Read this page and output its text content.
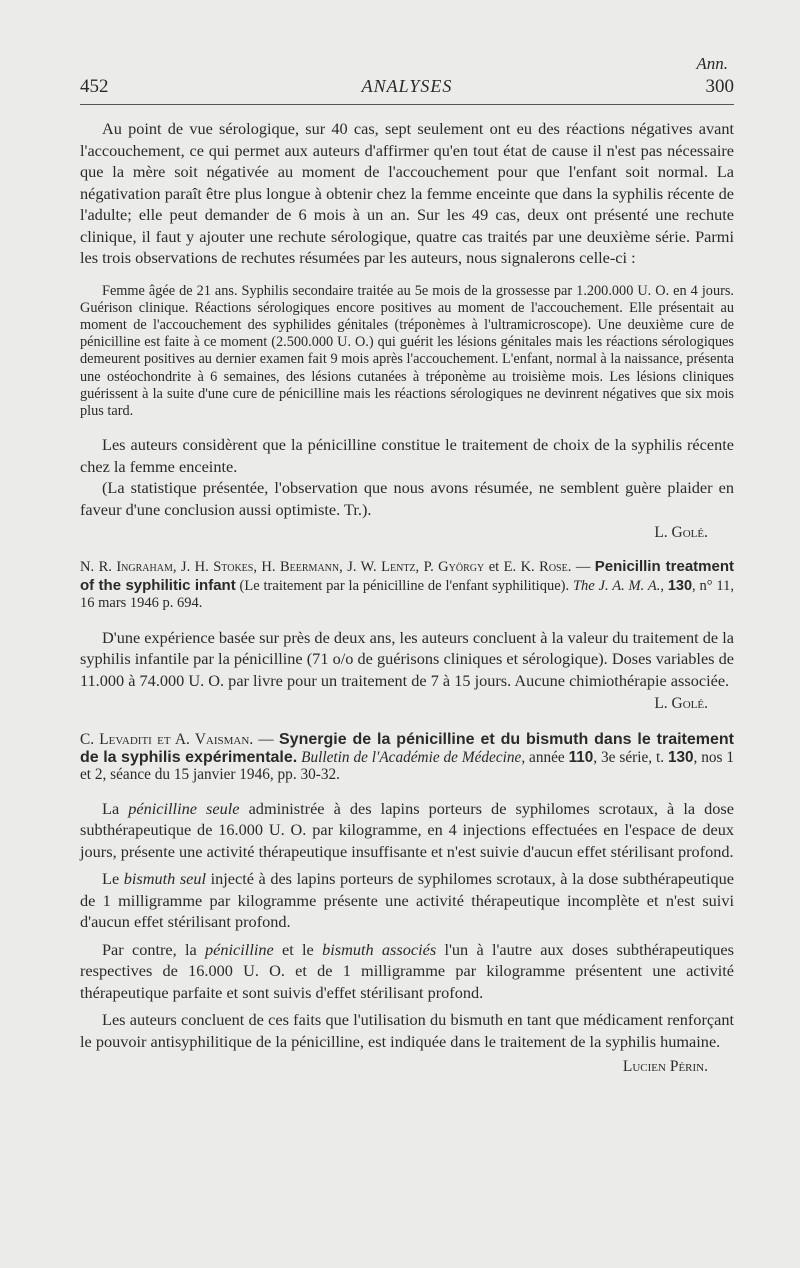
Ann.
452	ANALYSES	300

Au point de vue sérologique, sur 40 cas, sept seulement ont eu des réactions négatives avant l'accouchement, ce qui permet aux auteurs d'affirmer qu'en tout état de cause il n'est pas nécessaire que la mère soit négativée au moment de l'accouchement pour que l'enfant soit normal. La négativation paraît être plus longue à obtenir chez la femme enceinte que dans la syphilis récente de l'adulte; elle peut demander de 6 mois à un an. Sur les 49 cas, deux ont présenté une rechute clinique, il faut y ajouter une rechute sérologique, quatre cas traités par une deuxième série. Parmi les trois observations de rechutes résumées par les auteurs, nous signalerons celle-ci :

Femme âgée de 21 ans. Syphilis secondaire traitée au 5e mois de la grossesse par 1.200.000 U. O. en 4 jours. Guérison clinique. Réactions sérologiques encore positives au moment de l'accouchement. Elle présentait au moment de l'accouchement des syphilides génitales (tréponèmes à l'ultramicroscope). Une deuxième cure de pénicilline est faite à ce moment (2.500.000 U. O.) qui guérit les lésions génitales mais les réactions sérologiques demeurent positives au dernier examen fait 9 mois après l'accouchement. L'enfant, normal à la naissance, présenta une ostéochondrite à 6 semaines, des lésions cutanées à tréponème au troisième mois. Les lésions cliniques guérissent à la suite d'une cure de pénicilline mais les réactions sérologiques ne devinrent négatives que six mois plus tard.

Les auteurs considèrent que la pénicilline constitue le traitement de choix de la syphilis récente chez la femme enceinte.

(La statistique présentée, l'observation que nous avons résumée, ne semblent guère plaider en faveur d'une conclusion aussi optimiste. Tr.).

L. Golé.

N. R. Ingraham, J. H. Stokes, H. Beermann, J. W. Lentz, P. György et E. K. Rose. — Penicillin treatment of the syphilitic infant (Le traitement par la pénicilline de l'enfant syphilitique). The J. A. M. A., 130, n° 11, 16 mars 1946 p. 694.

D'une expérience basée sur près de deux ans, les auteurs concluent à la valeur du traitement de la syphilis infantile par la pénicilline (71 o/o de guérisons cliniques et sérologique). Doses variables de 11.000 à 74.000 U. O. par livre pour un traitement de 7 à 15 jours. Aucune chimiothérapie associée.

L. Golé.

C. Levaditi et A. Vaisman. — Synergie de la pénicilline et du bismuth dans le traitement de la syphilis expérimentale. Bulletin de l'Académie de Médecine, année 110, 3e série, t. 130, nos 1 et 2, séance du 15 janvier 1946, pp. 30-32.

La pénicilline seule administrée à des lapins porteurs de syphilomes scrotaux, à la dose subthérapeutique de 16.000 U. O. par kilogramme, en 4 injections effectuées en l'espace de deux jours, présente une activité thérapeutique insuffisante et n'est suivie d'aucun effet stérilisant profond.

Le bismuth seul injecté à des lapins porteurs de syphilomes scrotaux, à la dose subthérapeutique de 1 milligramme par kilogramme présente une activité thérapeutique incomplète et n'est suivi d'aucun effet stérilisant profond.

Par contre, la pénicilline et le bismuth associés l'un à l'autre aux doses subthérapeutiques respectives de 16.000 U. O. et de 1 milligramme par kilogramme présentent une activité thérapeutique parfaite et sont suivis d'effet stérilisant profond.

Les auteurs concluent de ces faits que l'utilisation du bismuth en tant que médicament renforçant le pouvoir antisyphilitique de la pénicilline, est indiquée dans le traitement de la syphilis humaine.

Lucien Périn.
